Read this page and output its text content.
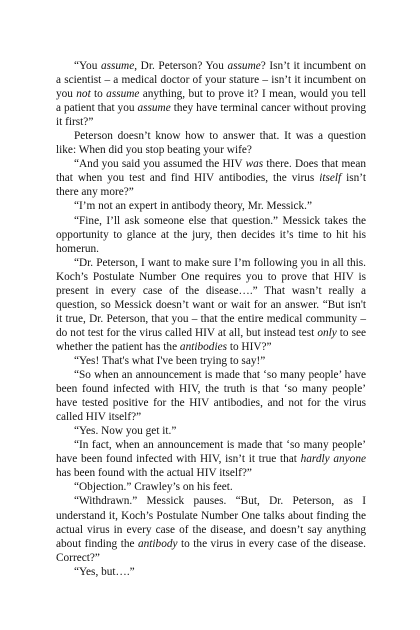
“You assume, Dr. Peterson? You assume? Isn’t it incumbent on a scientist – a medical doctor of your stature – isn’t it incumbent on you not to assume anything, but to prove it? I mean, would you tell a patient that you assume they have terminal cancer without proving it first?”

Peterson doesn’t know how to answer that. It was a question like: When did you stop beating your wife?

“And you said you assumed the HIV was there. Does that mean that when you test and find HIV antibodies, the virus itself isn’t there any more?”

“I’m not an expert in antibody theory, Mr. Messick.”

“Fine, I’ll ask someone else that question.” Messick takes the opportunity to glance at the jury, then decides it’s time to hit his homerun.

“Dr. Peterson, I want to make sure I’m following you in all this. Koch’s Postulate Number One requires you to prove that HIV is present in every case of the disease….” That wasn’t really a question, so Messick doesn’t want or wait for an answer. “But isn't it true, Dr. Peterson, that you – that the entire medical community – do not test for the virus called HIV at all, but instead test only to see whether the patient has the antibodies to HIV?”

“Yes! That's what I've been trying to say!”

“So when an announcement is made that ‘so many people’ have been found infected with HIV, the truth is that ‘so many people’ have tested positive for the HIV antibodies, and not for the virus called HIV itself?”

“Yes. Now you get it.”

“In fact, when an announcement is made that ‘so many people’ have been found infected with HIV, isn’t it true that hardly anyone has been found with the actual HIV itself?”

“Objection.” Crawley’s on his feet.

“Withdrawn.” Messick pauses. “But, Dr. Peterson, as I understand it, Koch’s Postulate Number One talks about finding the actual virus in every case of the disease, and doesn’t say anything about finding the antibody to the virus in every case of the disease. Correct?”

“Yes, but….”
